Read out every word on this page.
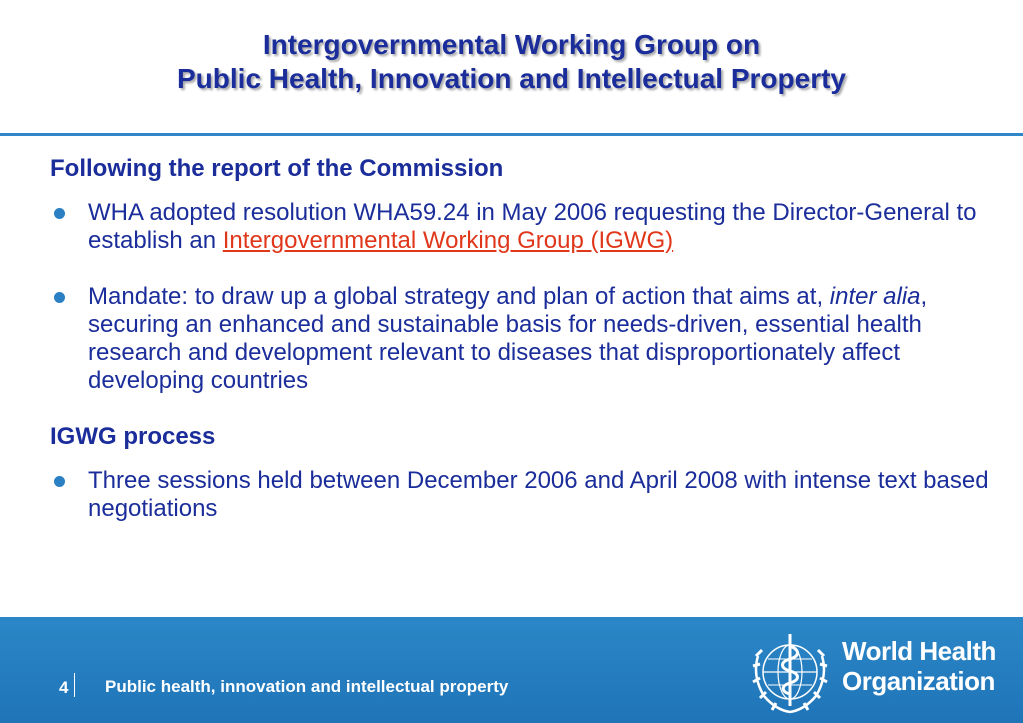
Intergovernmental Working Group on
Public Health, Innovation and Intellectual Property

Following the report of the Commission

WHA adopted resolution WHA59.24 in May 2006 requesting the Director-General to establish an Intergovernmental Working Group (IGWG)
Mandate: to draw up a global strategy and plan of action that aims at, inter alia, securing an enhanced and sustainable basis for needs-driven, essential health research and development relevant to diseases that disproportionately affect developing countries

IGWG process

Three sessions held between December 2006 and April 2008 with intense text based negotiations
4 Public health, innovation and intellectual property
World Health
Organization
